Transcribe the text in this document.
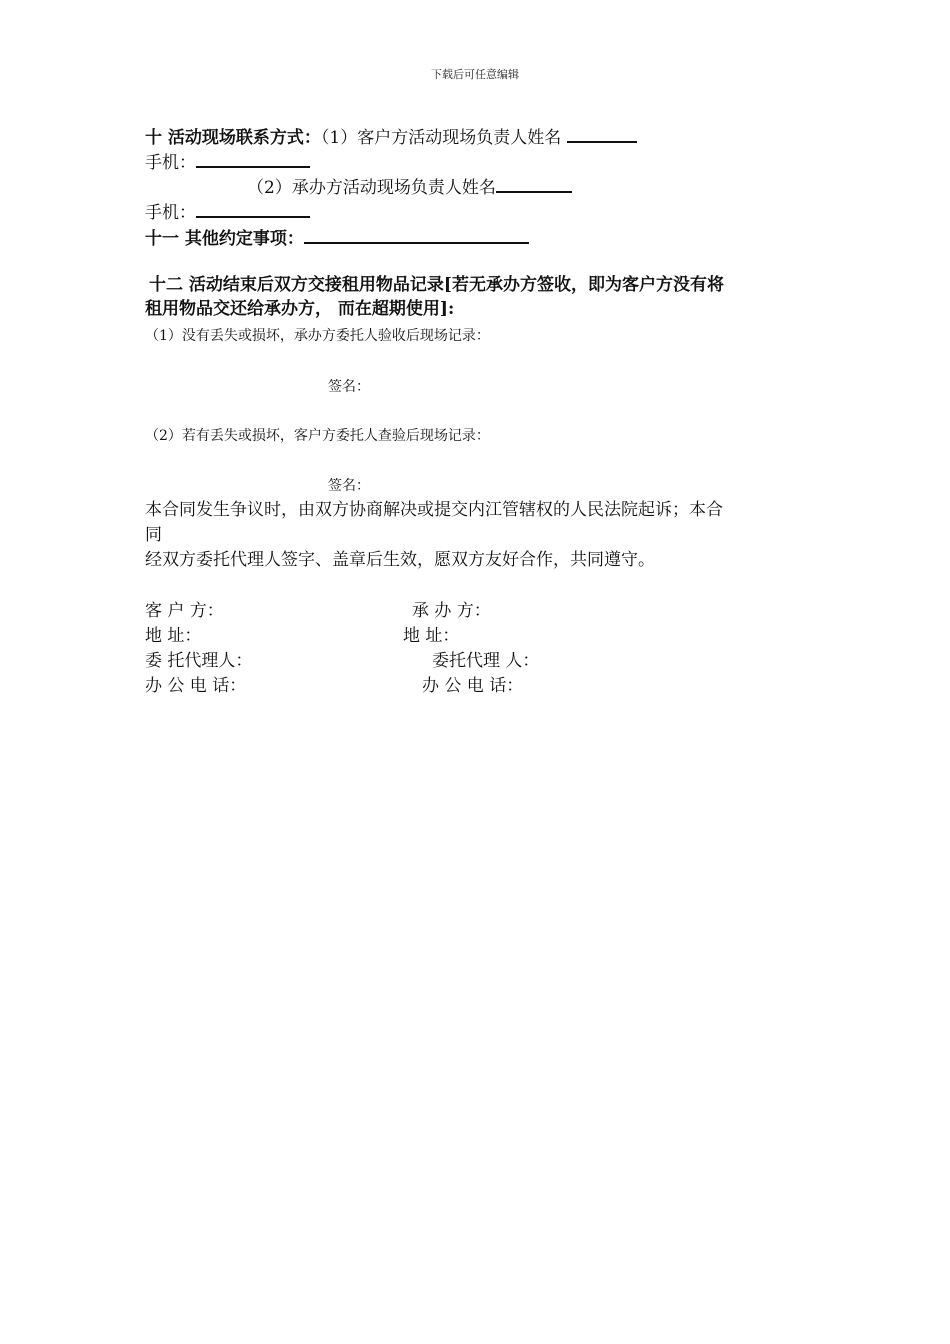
下载后可任意编辑
十 活动现场联系方式：（1）客户方活动现场负责人姓名
手机：
（2）承办方活动现场负责人姓名
手机：
十一 其他约定事项：
十二 活动结束后双方交接租用物品记录[若无承办方签收，即为客户方没有将
租用物品交还给承办方， 而在超期使用]:
（1）没有丢失或损坏，承办方委托人验收后现场记录：
签名：
（2）若有丢失或损坏，客户方委托人查验后现场记录：
签名：
本合同发生争议时，由双方协商解决或提交内江管辖权的人民法院起诉；本合
同
经双方委托代理人签字、盖章后生效，愿双方友好合作，共同遵守。
客 户 方：	承 办 方：
地 址：	地 址：
委 托代理人：	委托代理 人：
办 公 电 话：	办 公 电 话：
